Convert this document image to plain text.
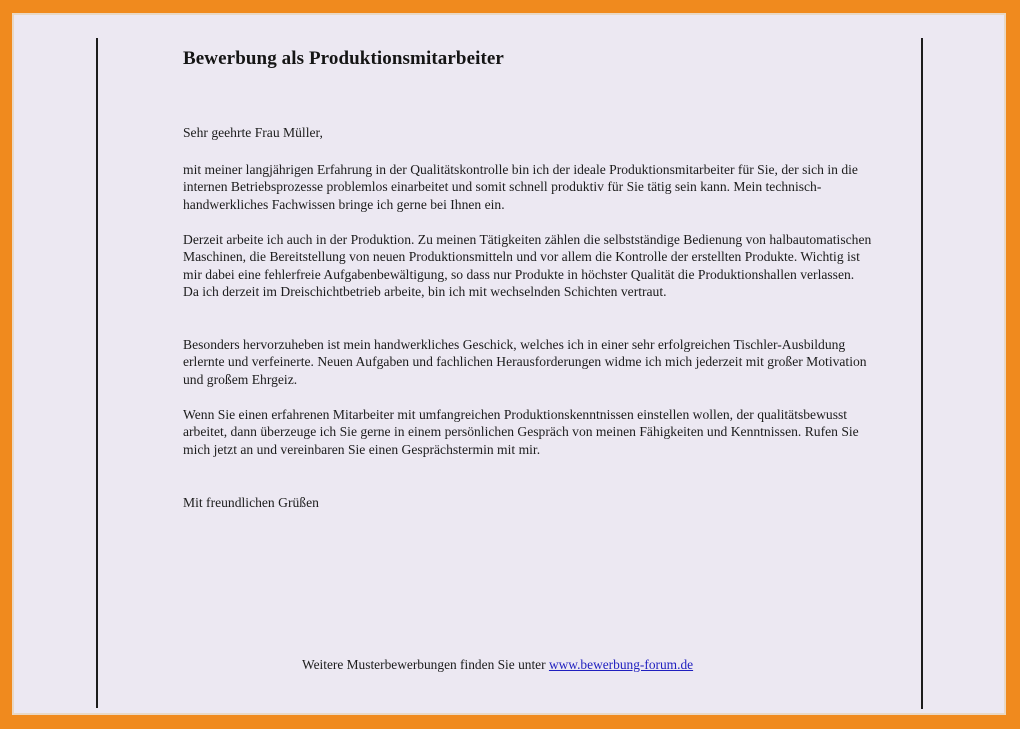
Bewerbung als Produktionsmitarbeiter

Sehr geehrte Frau Müller,

mit meiner langjährigen Erfahrung in der Qualitätskontrolle bin ich der ideale Produktionsmitarbeiter für Sie, der sich in die internen Betriebsprozesse problemlos einarbeitet und somit schnell produktiv für Sie tätig sein kann. Mein technisch-handwerkliches Fachwissen bringe ich gerne bei Ihnen ein.

Derzeit arbeite ich auch in der Produktion. Zu meinen Tätigkeiten zählen die selbstständige Bedienung von halbautomatischen Maschinen, die Bereitstellung von neuen Produktionsmitteln und vor allem die Kontrolle der erstellten Produkte. Wichtig ist mir dabei eine fehlerfreie Aufgabenbewältigung, so dass nur Produkte in höchster Qualität die Produktionshallen verlassen. Da ich derzeit im Dreischichtbetrieb arbeite, bin ich mit wechselnden Schichten vertraut.

Besonders hervorzuheben ist mein handwerkliches Geschick, welches ich in einer sehr erfolgreichen Tischler-Ausbildung erlernte und verfeinerte. Neuen Aufgaben und fachlichen Herausforderungen widme ich mich jederzeit mit großer Motivation und großem Ehrgeiz.

Wenn Sie einen erfahrenen Mitarbeiter mit umfangreichen Produktionskenntnissen einstellen wollen, der qualitätsbewusst arbeitet, dann überzeuge ich Sie gerne in einem persönlichen Gespräch von meinen Fähigkeiten und Kenntnissen. Rufen Sie mich jetzt an und vereinbaren Sie einen Gesprächstermin mit mir.

Mit freundlichen Grüßen

Weitere Musterbewerbungen finden Sie unter www.bewerbung-forum.de
